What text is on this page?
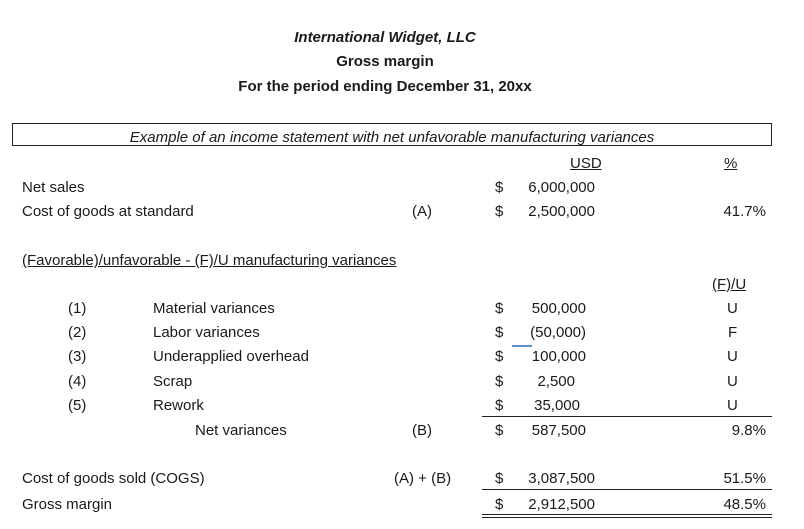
International Widget, LLC
Gross margin
For the period ending December 31, 20xx
Example of an income statement with net unfavorable manufacturing variances
USD	%
Net sales	$	6,000,000
Cost of goods at standard	(A)	$	2,500,000	41.7%
(Favorable)/unfavorable - (F)/U manufacturing variances
(F)/U
(1)	Material variances	$	500,000	U
(2)	Labor variances	$	(50,000)	F
(3)	Underapplied overhead	$	100,000	U
(4)	Scrap	$	2,500	U
(5)	Rework	$	35,000	U
Net variances	(B)	$	587,500	9.8%
Cost of goods sold (COGS)	(A) + (B)	$	3,087,500	51.5%
Gross margin	$	2,912,500	48.5%
